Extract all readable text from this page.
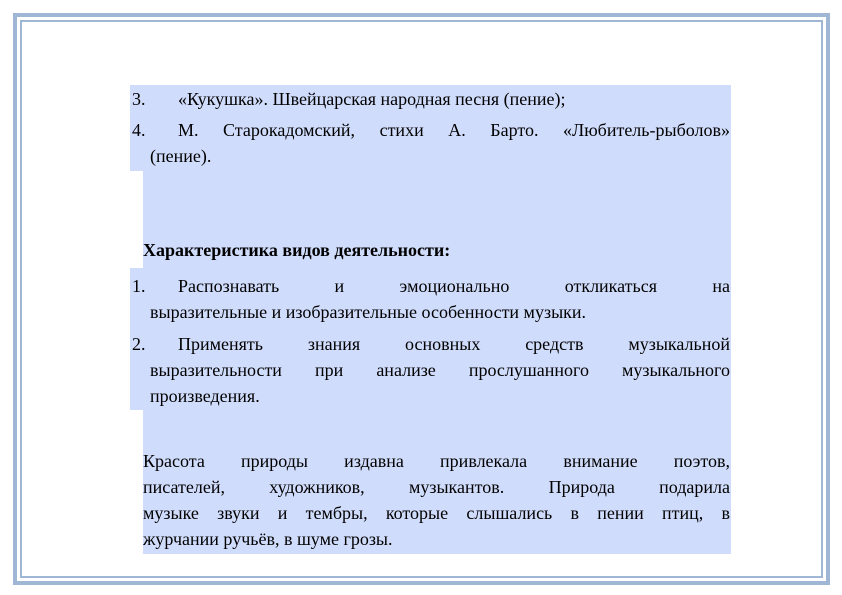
3. «Кукушка». Швейцарская народная песня (пение);
4. М. Старокадомский, стихи А. Барто. «Любитель-рыболов»
(пение).
Характеристика видов деятельности:
1. Распознавать и эмоционально откликаться на
выразительные и изобразительные особенности музыки.
2. Применять знания основных средств музыкальной
выразительности при анализе прослушанного музыкального
произведения.
Красота природы издавна привлекала внимание поэтов,
писателей, художников, музыкантов. Природа подарила
музыке звуки и тембры, которые слышались в пении птиц, в
журчании ручьёв, в шуме грозы.
